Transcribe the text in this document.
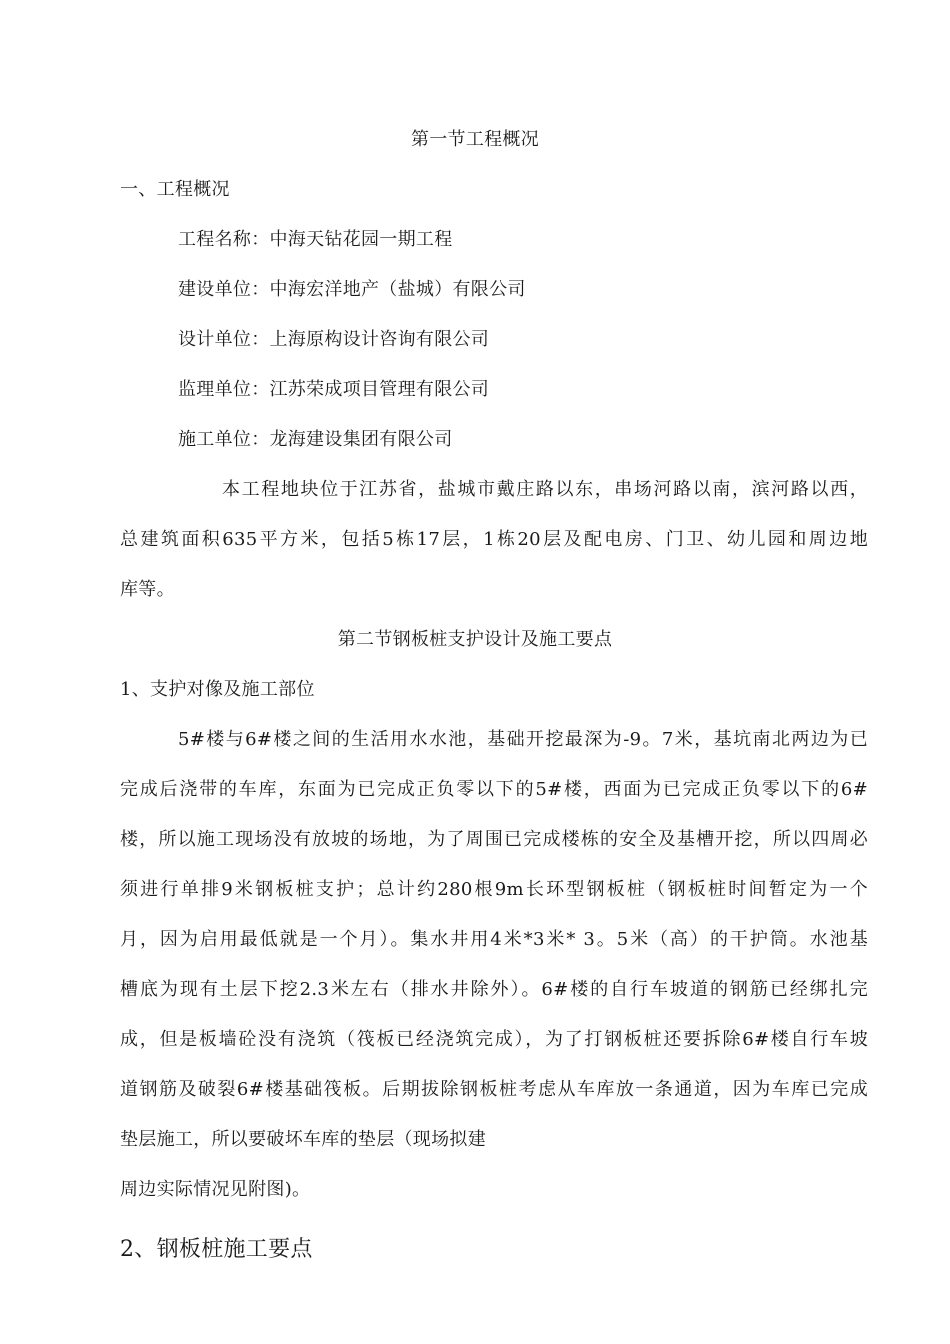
第一节工程概况
一、工程概况
工程名称：中海天钻花园一期工程
建设单位：中海宏洋地产（盐城）有限公司
设计单位：上海原构设计咨询有限公司
监理单位：江苏荣成项目管理有限公司
施工单位：龙海建设集团有限公司
本工程地块位于江苏省，盐城市戴庄路以东，串场河路以南，滨河路以西，
总建筑面积635平方米，包括5栋17层，1栋20层及配电房、门卫、幼儿园和周边地
库等。
第二节钢板桩支护设计及施工要点
1、支护对像及施工部位
5#楼与6#楼之间的生活用水水池，基础开挖最深为-9。7米，基坑南北两边为已
完成后浇带的车库，东面为已完成正负零以下的5#楼，西面为已完成正负零以下的6#
楼，所以施工现场没有放坡的场地，为了周围已完成楼栋的安全及基槽开挖，所以四周必
须进行单排9米钢板桩支护；总计约280根9m长环型钢板桩（钢板桩时间暂定为一个
月，因为启用最低就是一个月）。集水井用4米*3米* 3。5米（高）的干护筒。水池基
槽底为现有土层下挖2.3米左右（排水井除外）。6#楼的自行车坡道的钢筋已经绑扎完
成，但是板墙砼没有浇筑（筏板已经浇筑完成），为了打钢板桩还要拆除6#楼自行车坡
道钢筋及破裂6#楼基础筏板。后期拔除钢板桩考虑从车库放一条通道，因为车库已完成
垫层施工，所以要破坏车库的垫层（现场拟建
周边实际情况见附图)。
2、钢板桩施工要点
